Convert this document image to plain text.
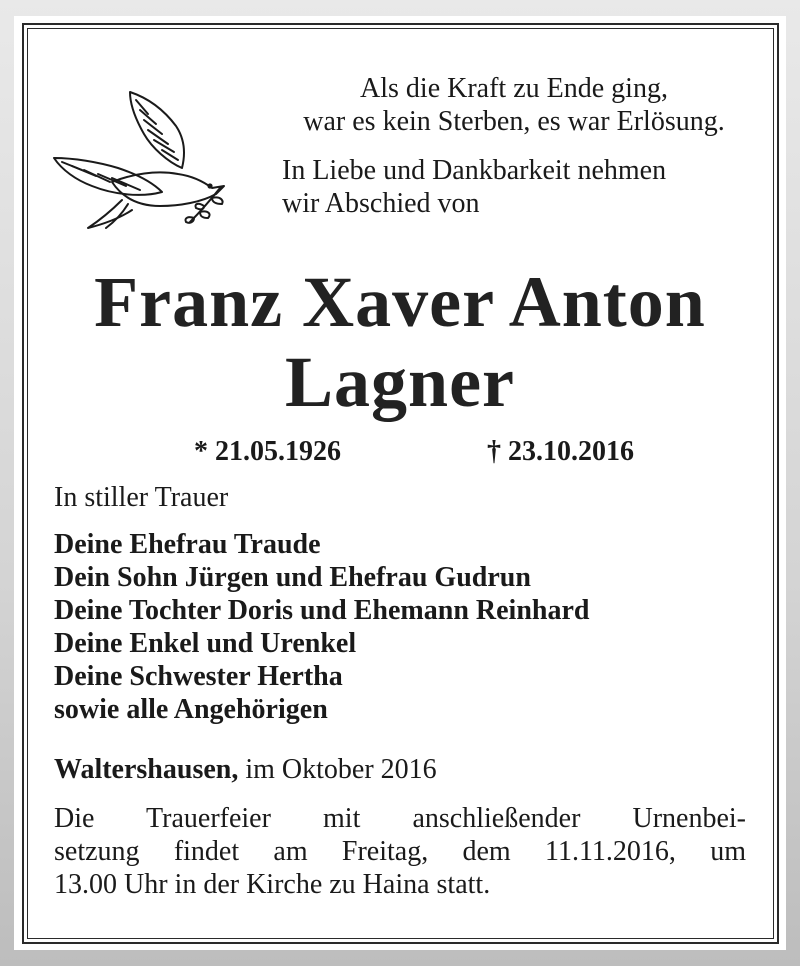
Als die Kraft zu Ende ging,
war es kein Sterben, es war Erlösung.
In Liebe und Dankbarkeit nehmen
wir Abschied von
Franz Xaver Anton
Lagner
* 21.05.1926	† 23.10.2016
In stiller Trauer
Deine Ehefrau Traude
Dein Sohn Jürgen und Ehefrau Gudrun
Deine Tochter Doris und Ehemann Reinhard
Deine Enkel und Urenkel
Deine Schwester Hertha
sowie alle Angehörigen
Waltershausen, im Oktober 2016
Die Trauerfeier mit anschließender Urnenbei-
setzung findet am Freitag, dem 11.11.2016, um
13.00 Uhr in der Kirche zu Haina statt.
